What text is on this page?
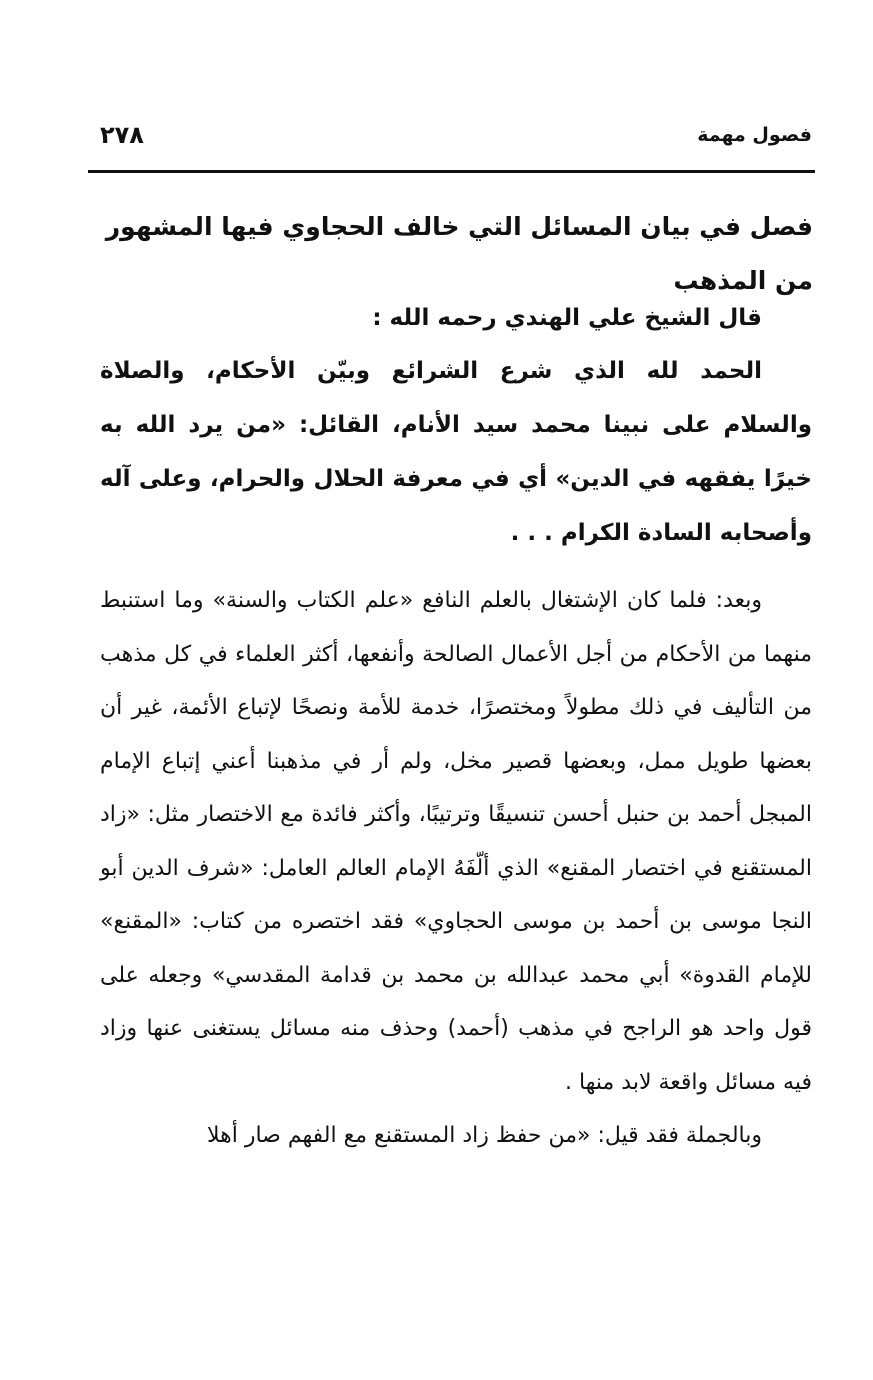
٢٧٨	فصول مهمة
فصل في بيان المسائل التي خالف الحجاوي فيها المشهور من المذهب

قال الشيخ علي الهندي رحمه الله :

الحمد لله الذي شرع الشرائع وبيّن الأحكام، والصلاة والسلام على نبينا محمد سيد الأنام، القائل: «من يرد الله به خيرًا يفقهه في الدين» أي في معرفة الحلال والحرام، وعلى آله وأصحابه السادة الكرام . . .

وبعد: فلما كان الإشتغال بالعلم النافع «علم الكتاب والسنة» وما استنبط منهما من الأحكام من أجل الأعمال الصالحة وأنفعها، أكثر العلماء في كل مذهب من التأليف في ذلك مطولاً ومختصرًا، خدمة للأمة ونصحًا لإتباع الأئمة، غير أن بعضها طويل ممل، وبعضها قصير مخل، ولم أر في مذهبنا أعني إتباع الإمام المبجل أحمد بن حنبل أحسن تنسيقًا وترتيبًا، وأكثر فائدة مع الاختصار مثل: «زاد المستقنع في اختصار المقنع» الذي ألّفَهُ الإمام العالم العامل: «شرف الدين أبو النجا موسى بن أحمد بن موسى الحجاوي» فقد اختصره من كتاب: «المقنع» للإمام القدوة» أبي محمد عبدالله بن محمد بن قدامة المقدسي» وجعله على قول واحد هو الراجح في مذهب (أحمد) وحذف منه مسائل يستغنى عنها وزاد فيه مسائل واقعة لابد منها .

وبالجملة فقد قيل: «من حفظ زاد المستقنع مع الفهم صار أهلا
